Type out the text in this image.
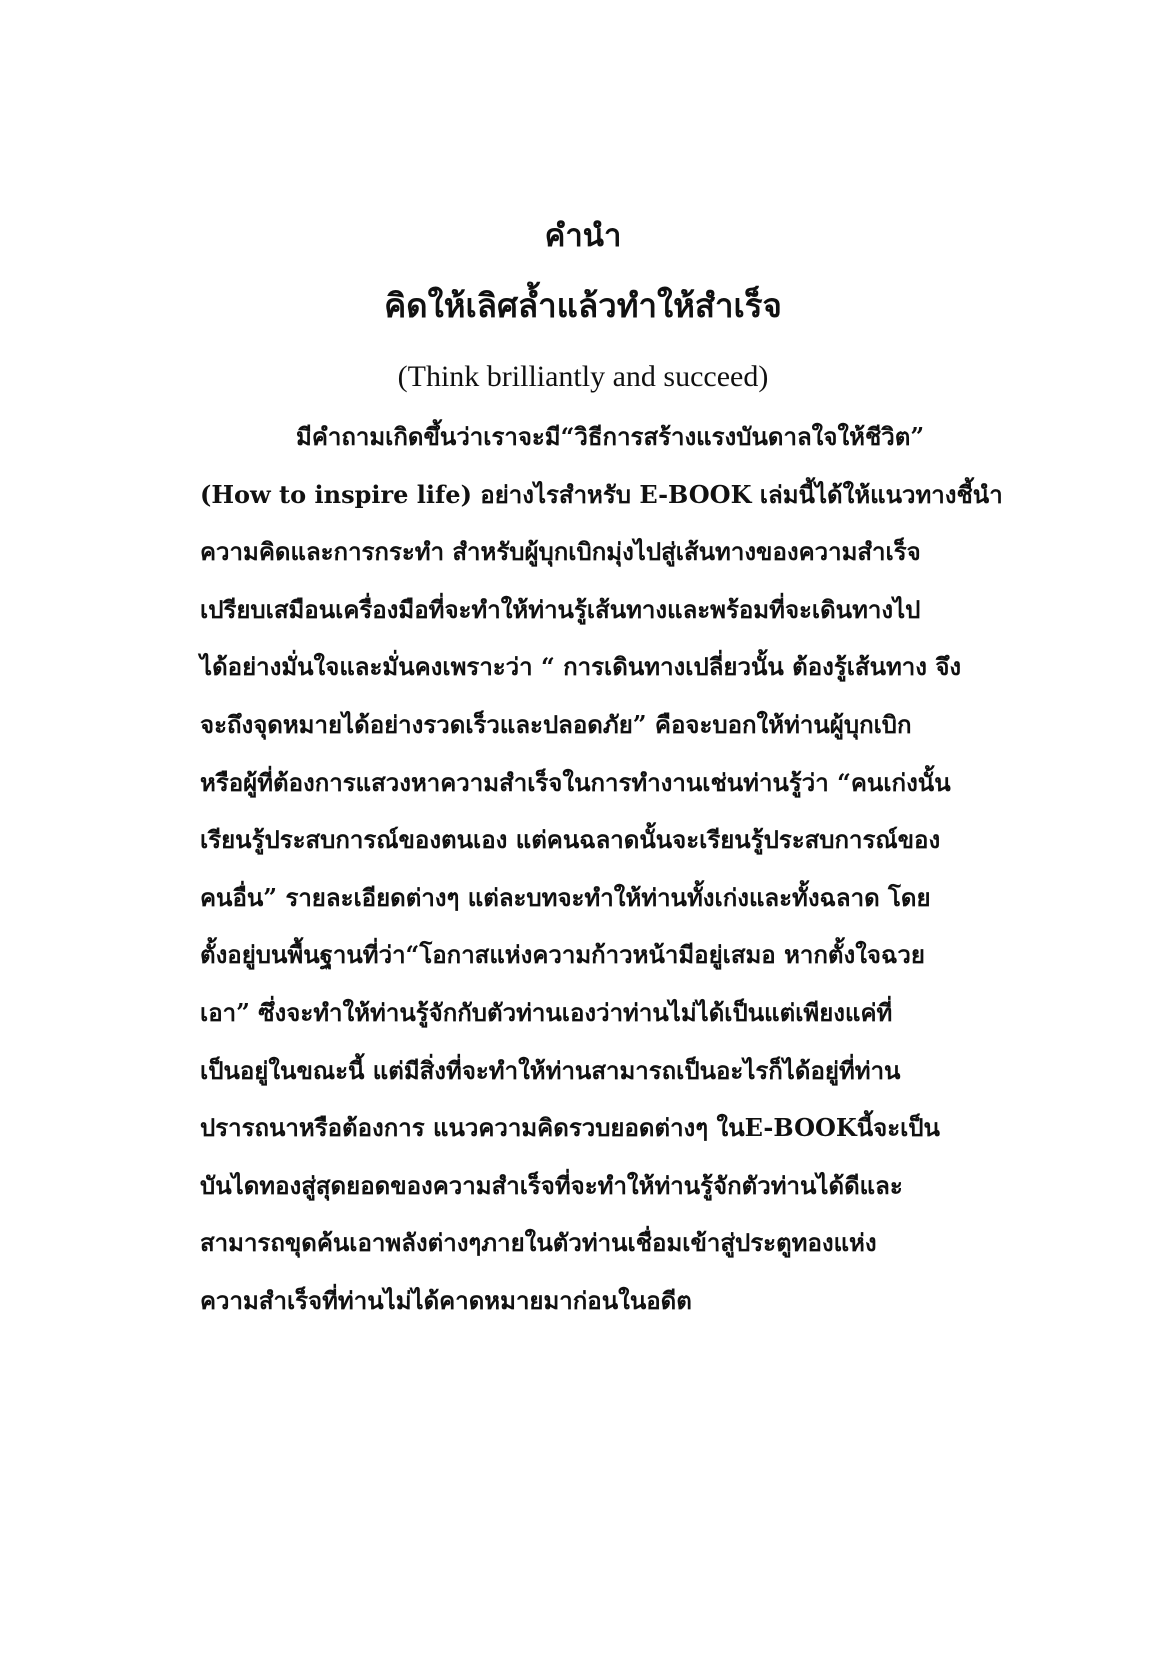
คำนำ
คิดให้เลิศล้ำแล้วทำให้สำเร็จ
(Think brilliantly and succeed)
มีคำถามเกิดขึ้นว่าเราจะมี“วิธีการสร้างแรงบันดาลใจให้ชีวิต”
(How to inspire life) อย่างไรสำหรับ E-BOOK เล่มนี้ได้ให้แนวทางชี้นำ
ความคิดและการกระทำ สำหรับผู้บุกเบิกมุ่งไปสู่เส้นทางของความสำเร็จ
เปรียบเสมือนเครื่องมือที่จะทำให้ท่านรู้เส้นทางและพร้อมที่จะเดินทางไป
ได้อย่างมั่นใจและมั่นคงเพราะว่า “ การเดินทางเปลี่ยวนั้น ต้องรู้เส้นทาง จึง
จะถึงจุดหมายได้อย่างรวดเร็วและปลอดภัย” คือจะบอกให้ท่านผู้บุกเบิก
หรือผู้ที่ต้องการแสวงหาความสำเร็จในการทำงานเช่นท่านรู้ว่า “คนเก่งนั้น
เรียนรู้ประสบการณ์ของตนเอง แต่คนฉลาดนั้นจะเรียนรู้ประสบการณ์ของ
คนอื่น” รายละเอียดต่างๆ แต่ละบทจะทำให้ท่านทั้งเก่งและทั้งฉลาด โดย
ตั้งอยู่บนพื้นฐานที่ว่า“โอกาสแห่งความก้าวหน้ามีอยู่เสมอ หากตั้งใจฉวย
เอา” ซึ่งจะทำให้ท่านรู้จักกับตัวท่านเองว่าท่านไม่ได้เป็นแต่เพียงแค่ที่
เป็นอยู่ในขณะนี้ แต่มีสิ่งที่จะทำให้ท่านสามารถเป็นอะไรก็ได้อยู่ที่ท่าน
ปรารถนาหรือต้องการ แนวความคิดรวบยอดต่างๆ ในE-BOOKนี้จะเป็น
บันไดทองสู่สุดยอดของความสำเร็จที่จะทำให้ท่านรู้จักตัวท่านได้ดีและ
สามารถขุดค้นเอาพลังต่างๆภายในตัวท่านเชื่อมเข้าสู่ประตูทองแห่ง
ความสำเร็จที่ท่านไม่ได้คาดหมายมาก่อนในอดีต
